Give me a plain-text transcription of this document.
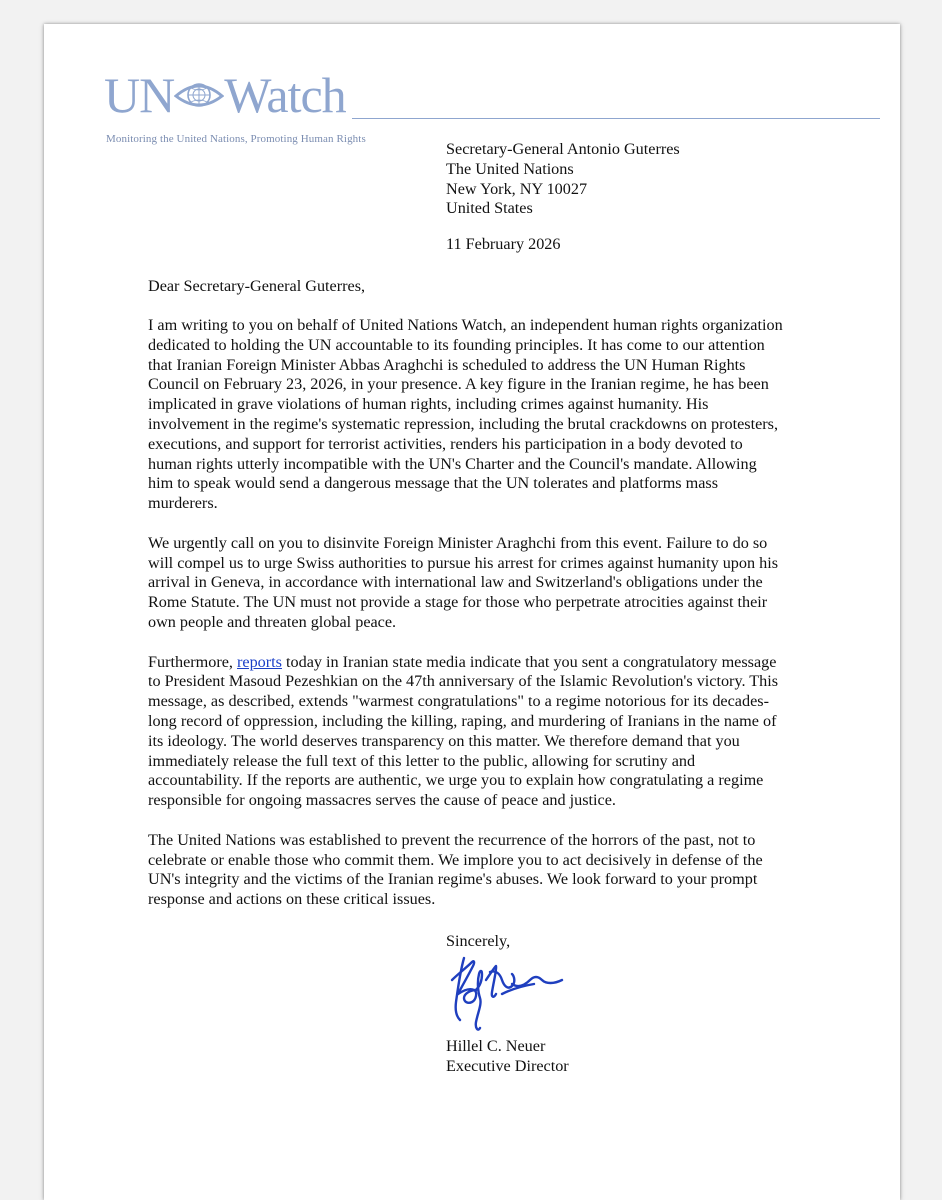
UN Watch
Monitoring the United Nations, Promoting Human Rights
Secretary-General Antonio Guterres
The United Nations
New York, NY 10027
United States
11 February 2026
Dear Secretary-General Guterres,

I am writing to you on behalf of United Nations Watch, an independent human rights organization dedicated to holding the UN accountable to its founding principles. It has come to our attention that Iranian Foreign Minister Abbas Araghchi is scheduled to address the UN Human Rights Council on February 23, 2026, in your presence. A key figure in the Iranian regime, he has been implicated in grave violations of human rights, including crimes against humanity. His involvement in the regime's systematic repression, including the brutal crackdowns on protesters, executions, and support for terrorist activities, renders his participation in a body devoted to human rights utterly incompatible with the UN's Charter and the Council's mandate. Allowing him to speak would send a dangerous message that the UN tolerates and platforms mass murderers.

We urgently call on you to disinvite Foreign Minister Araghchi from this event. Failure to do so will compel us to urge Swiss authorities to pursue his arrest for crimes against humanity upon his arrival in Geneva, in accordance with international law and Switzerland's obligations under the Rome Statute. The UN must not provide a stage for those who perpetrate atrocities against their own people and threaten global peace.

Furthermore, reports today in Iranian state media indicate that you sent a congratulatory message to President Masoud Pezeshkian on the 47th anniversary of the Islamic Revolution's victory. This message, as described, extends "warmest congratulations" to a regime notorious for its decades-long record of oppression, including the killing, raping, and murdering of Iranians in the name of its ideology. The world deserves transparency on this matter. We therefore demand that you immediately release the full text of this letter to the public, allowing for scrutiny and accountability. If the reports are authentic, we urge you to explain how congratulating a regime responsible for ongoing massacres serves the cause of peace and justice.

The United Nations was established to prevent the recurrence of the horrors of the past, not to celebrate or enable those who commit them. We implore you to act decisively in defense of the UN's integrity and the victims of the Iranian regime's abuses. We look forward to your prompt response and actions on these critical issues.

Sincerely,
Hillel C. Neuer
Executive Director
